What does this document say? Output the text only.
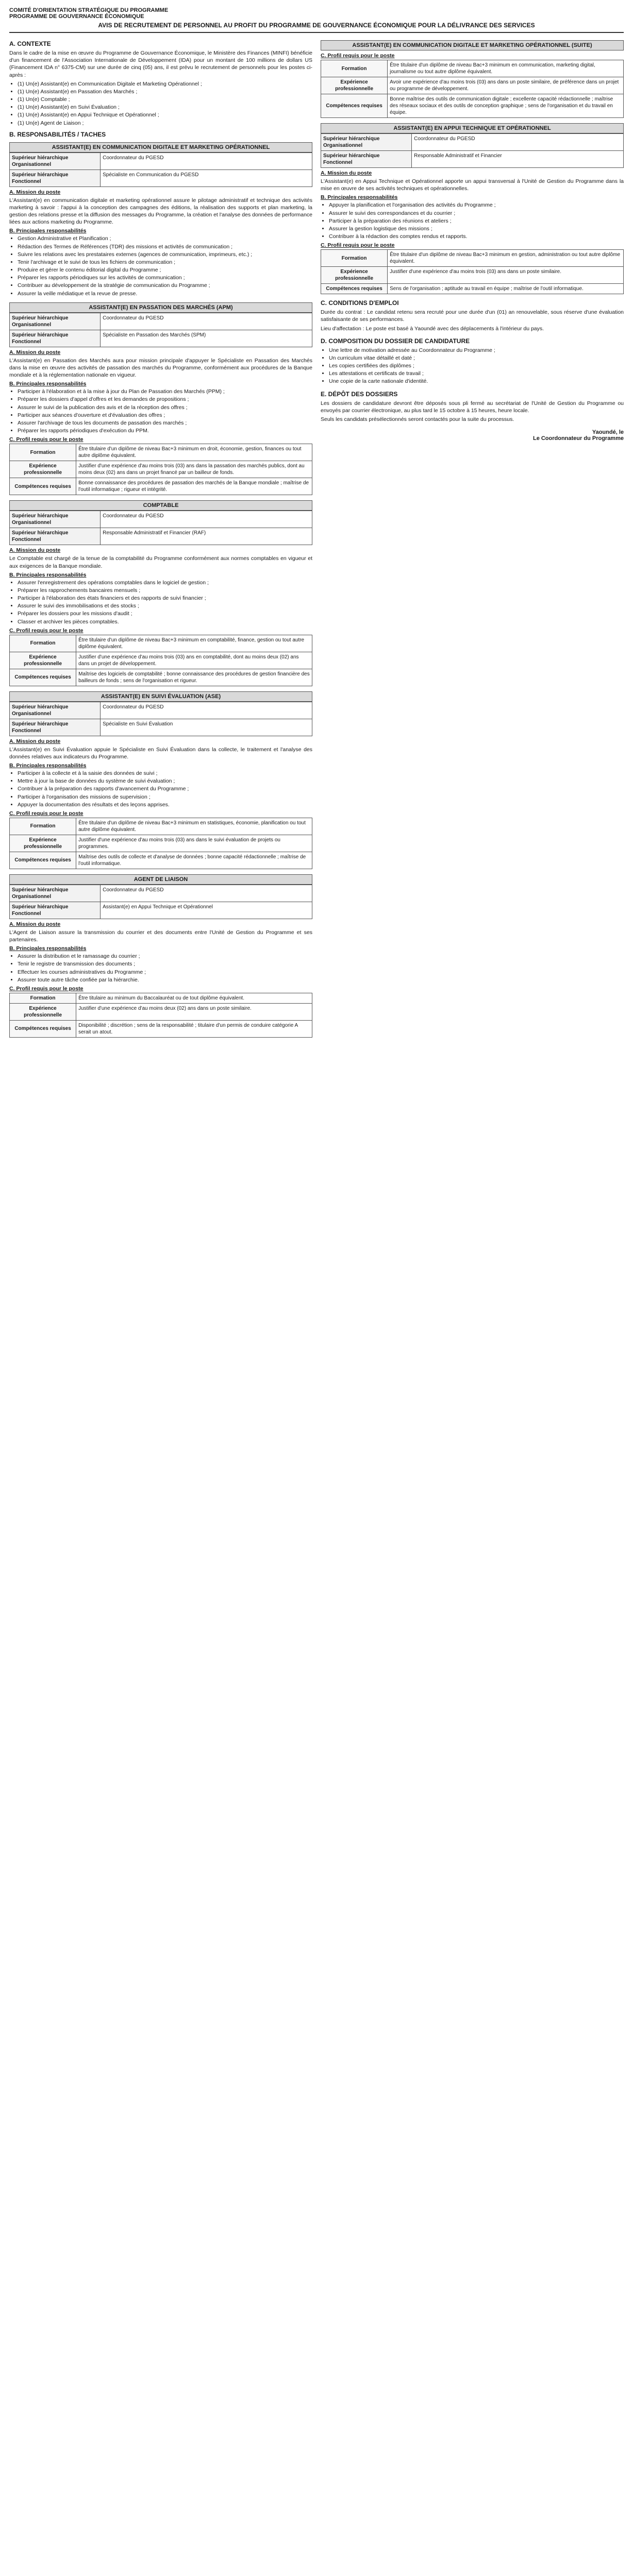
COMITÉ D'ORIENTATION STRATÉGIQUE DU PROGRAMME
PROGRAMME DE GOUVERNANCE ÉCONOMIQUE
AVIS DE RECRUTEMENT DE PERSONNEL AU PROFIT DU PROGRAMME DE GOUVERNANCE ÉCONOMIQUE POUR LA DÉLIVRANCE DES SERVICES
A. CONTEXTE

Dans le cadre de la mise en œuvre du Programme de Gouvernance Économique, le Ministère des Finances (MINFI) bénéficie d'un financement de l'Association Internationale de Développement (IDA) pour un montant de 100 millions de dollars US (Financement IDA n° 6375-CM) sur une durée de cinq (05) ans, il est prévu le recrutement de personnels pour les postes ci-après :

• (1) Un(e) Assistant(e) en Communication Digitale et Marketing Opérationnel ;
• (1) Un(e) Assistant(e) en Passation des Marchés ;
• (1) Un(e) Comptable ;
• (1) Un(e) Assistant(e) en Suivi Évaluation ;
• (1) Un(e) Assistant(e) en Appui Technique et Opérationnel ;
• (1) Un(e) Agent de Liaison ;
B. RESPONSABILITÉS / TACHES
ASSISTANT(E) EN COMMUNICATION DIGITALE ET MARKETING OPÉRATIONNEL
Supérieur hiérarchique Organisationnel	Coordonnateur du PGESD
Supérieur hiérarchique Fonctionnel	Spécialiste en Communication du PGESD
A. Mission du poste

L'Assistant(e) en communication digitale et marketing opérationnel assure le pilotage administratif et technique des activités marketing à savoir : l'appui à la conception des campagnes des éditions, la réalisation des supports et plan marketing, la gestion des relations presse et la diffusion des messages du Programme, la création et l'analyse des données de performance liées aux actions marketing du Programme.

B. Principales responsabilités
• Gestion Administrative et Planification ;
• Rédaction des Termes de Références (TDR) des missions et activités de communication ;
• Suivre les relations avec les prestataires externes (agences de communication, imprimeurs, etc.) ;
• Tenir l'archivage et le suivi de tous les fichiers de communication ;
• Produire et gérer le contenu éditorial digital du Programme ;
• Préparer les rapports périodiques sur les activités de communication ;
• Contribuer au développement de la stratégie de communication du Programme ;
• Assurer la veille médiatique et la revue de presse.
ASSISTANT(E) EN PASSATION DES MARCHÉS (APM)
Supérieur hiérarchique Organisationnel	Coordonnateur du PGESD
Supérieur hiérarchique Fonctionnel	Spécialiste en Passation des Marchés (SPM)
A. Mission du poste

L'Assistant(e) en Passation des Marchés aura pour mission principale d'appuyer le Spécialiste en Passation des Marchés dans la mise en œuvre des activités de passation des marchés du Programme, conformément aux procédures de la Banque mondiale et à la réglementation nationale en vigueur.

B. Principales responsabilités
• Participer à l'élaboration et à la mise à jour du Plan de Passation des Marchés (PPM) ;
• Préparer les dossiers d'appel d'offres et les demandes de propositions ;
• Assurer le suivi de la publication des avis et de la réception des offres ;
• Participer aux séances d'ouverture et d'évaluation des offres ;
• Assurer l'archivage de tous les documents de passation des marchés ;
• Préparer les rapports périodiques d'exécution du PPM.
C. Profil requis pour le poste
Formation	Être titulaire d'un diplôme de niveau Bac+3 minimum en droit, économie, gestion, finances ou tout autre diplôme équivalent.
Expérience professionnelle	Justifier d'une expérience d'au moins trois (03) ans dans la passation des marchés publics, dont au moins deux (02) ans dans un projet financé par un bailleur de fonds.
Compétences requises	Bonne connaissance des procédures de passation des marchés de la Banque mondiale ; maîtrise de l'outil informatique ; rigueur et intégrité.
COMPTABLE
Supérieur hiérarchique Organisationnel	Coordonnateur du PGESD
Supérieur hiérarchique Fonctionnel	Responsable Administratif et Financier (RAF)
A. Mission du poste

Le Comptable est chargé de la tenue de la comptabilité du Programme conformément aux normes comptables en vigueur et aux exigences de la Banque mondiale.

B. Principales responsabilités
• Assurer l'enregistrement des opérations comptables dans le logiciel de gestion ;
• Préparer les rapprochements bancaires mensuels ;
• Participer à l'élaboration des états financiers et des rapports de suivi financier ;
• Assurer le suivi des immobilisations et des stocks ;
• Préparer les dossiers pour les missions d'audit ;
• Classer et archiver les pièces comptables.
C. Profil requis pour le poste
Formation	Être titulaire d'un diplôme de niveau Bac+3 minimum en comptabilité, finance, gestion ou tout autre diplôme équivalent.
Expérience professionnelle	Justifier d'une expérience d'au moins trois (03) ans en comptabilité, dont au moins deux (02) ans dans un projet de développement.
Compétences requises	Maîtrise des logiciels de comptabilité ; bonne connaissance des procédures de gestion financière des bailleurs de fonds ; sens de l'organisation et rigueur.
ASSISTANT(E) EN SUIVI ÉVALUATION (ASE)
Supérieur hiérarchique Organisationnel	Coordonnateur du PGESD
Supérieur hiérarchique Fonctionnel	Spécialiste en Suivi Évaluation
A. Mission du poste

L'Assistant(e) en Suivi Évaluation appuie le Spécialiste en Suivi Évaluation dans la collecte, le traitement et l'analyse des données relatives aux indicateurs du Programme.

B. Principales responsabilités
• Participer à la collecte et à la saisie des données de suivi ;
• Mettre à jour la base de données du système de suivi évaluation ;
• Contribuer à la préparation des rapports d'avancement du Programme ;
• Participer à l'organisation des missions de supervision ;
• Appuyer la documentation des résultats et des leçons apprises.
C. Profil requis pour le poste
Formation	Être titulaire d'un diplôme de niveau Bac+3 minimum en statistiques, économie, planification ou tout autre diplôme équivalent.
Expérience professionnelle	Justifier d'une expérience d'au moins trois (03) ans dans le suivi évaluation de projets ou programmes.
Compétences requises	Maîtrise des outils de collecte et d'analyse de données ; bonne capacité rédactionnelle ; maîtrise de l'outil informatique.
AGENT DE LIAISON
Supérieur hiérarchique Organisationnel	Coordonnateur du PGESD
Supérieur hiérarchique Fonctionnel	Assistant(e) en Appui Technique et Opérationnel
A. Mission du poste

L'Agent de Liaison assure la transmission du courrier et des documents entre l'Unité de Gestion du Programme et ses partenaires.

B. Principales responsabilités
• Assurer la distribution et le ramassage du courrier ;
• Tenir le registre de transmission des documents ;
• Effectuer les courses administratives du Programme ;
• Assurer toute autre tâche confiée par la hiérarchie.
C. Profil requis pour le poste
Formation	Être titulaire au minimum du Baccalauréat ou de tout diplôme équivalent.
Expérience professionnelle	Justifier d'une expérience d'au moins deux (02) ans dans un poste similaire.
Compétences requises	Disponibilité ; discrétion ; sens de la responsabilité ; titulaire d'un permis de conduire catégorie A serait un atout.
ASSISTANT(E) EN COMMUNICATION DIGITALE ET MARKETING OPÉRATIONNEL (SUITE)
C. Profil requis pour le poste
Formation	Être titulaire d'un diplôme de niveau Bac+3 minimum en communication, marketing digital, journalisme ou tout autre diplôme équivalent.
Expérience professionnelle	Avoir une expérience d'au moins trois (03) ans dans un poste similaire, de préférence dans un projet ou programme de développement.
Compétences requises	Bonne maîtrise des outils de communication digitale ; excellente capacité rédactionnelle ; maîtrise des réseaux sociaux et des outils de conception graphique ; sens de l'organisation et du travail en équipe.
ASSISTANT(E) EN APPUI TECHNIQUE ET OPÉRATIONNEL
Supérieur hiérarchique Organisationnel	Coordonnateur du PGESD
Supérieur hiérarchique Fonctionnel	Responsable Administratif et Financier
A. Mission du poste

L'Assistant(e) en Appui Technique et Opérationnel apporte un appui transversal à l'Unité de Gestion du Programme dans la mise en œuvre de ses activités techniques et opérationnelles.

B. Principales responsabilités
• Appuyer la planification et l'organisation des activités du Programme ;
• Assurer le suivi des correspondances et du courrier ;
• Participer à la préparation des réunions et ateliers ;
• Assurer la gestion logistique des missions ;
• Contribuer à la rédaction des comptes rendus et rapports.
C. Profil requis pour le poste
Formation	Être titulaire d'un diplôme de niveau Bac+3 minimum en gestion, administration ou tout autre diplôme équivalent.
Expérience professionnelle	Justifier d'une expérience d'au moins trois (03) ans dans un poste similaire.
Compétences requises	Sens de l'organisation ; aptitude au travail en équipe ; maîtrise de l'outil informatique.
C. CONDITIONS D'EMPLOI

Durée du contrat : Le candidat retenu sera recruté pour une durée d'un (01) an renouvelable, sous réserve d'une évaluation satisfaisante de ses performances.

Lieu d'affectation : Le poste est basé à Yaoundé avec des déplacements à l'intérieur du pays.

D. COMPOSITION DU DOSSIER DE CANDIDATURE
• Une lettre de motivation adressée au Coordonnateur du Programme ;
• Un curriculum vitae détaillé et daté ;
• Les copies certifiées des diplômes ;
• Les attestations et certificats de travail ;
• Une copie de la carte nationale d'identité.
E. DÉPÔT DES DOSSIERS

Les dossiers de candidature devront être déposés sous pli fermé au secrétariat de l'Unité de Gestion du Programme ou envoyés par courrier électronique, au plus tard le 15 octobre à 15 heures, heure locale.

Seuls les candidats présélectionnés seront contactés pour la suite du processus.

Yaoundé, le
Le Coordonnateur du Programme
